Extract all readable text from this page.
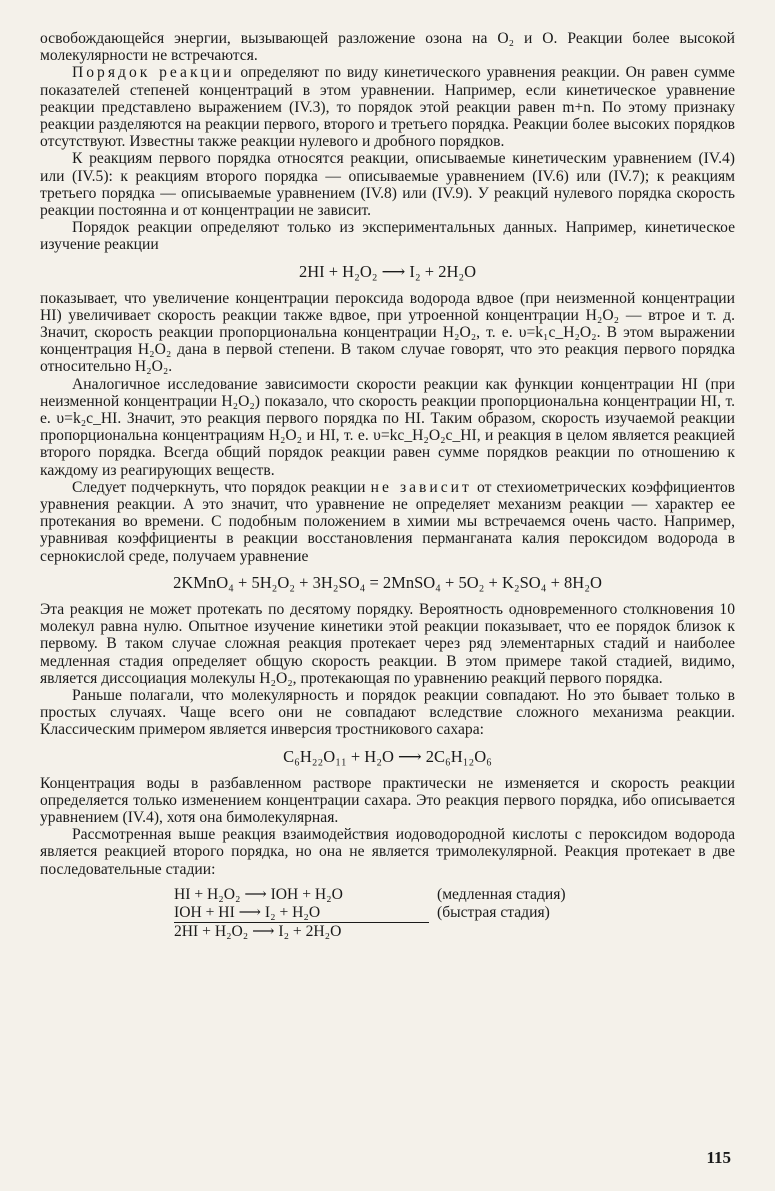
освобождающейся энергии, вызывающей разложение озона на O₂ и O. Реакции более высокой молекулярности не встречаются.

Порядок реакции определяют по виду кинетического уравнения реакции. Он равен сумме показателей степеней концентраций в этом уравнении. Например, если кинетическое уравнение реакции представлено выражением (IV.3), то порядок этой реакции равен m+n. По этому признаку реакции разделяются на реакции первого, второго и третьего порядка. Реакции более высоких порядков отсутствуют. Известны также реакции нулевого и дробного порядков.

К реакциям первого порядка относятся реакции, описываемые кинетическим уравнением (IV.4) или (IV.5): к реакциям второго порядка — описываемые уравнением (IV.6) или (IV.7); к реакциям третьего порядка — описываемые уравнением (IV.8) или (IV.9). У реакций нулевого порядка скорость реакции постоянна и от концентрации не зависит.

Порядок реакции определяют только из экспериментальных данных. Например, кинетическое изучение реакции

2HI + H₂O₂ ⟶ I₂ + 2H₂O

показывает, что увеличение концентрации пероксида водорода вдвое (при неизменной концентрации HI) увеличивает скорость реакции также вдвое, при утроенной концентрации H₂O₂ — втрое и т. д. Значит, скорость реакции пропорциональна концентрации H₂O₂, т. е. υ=k₁c_H₂O₂. В этом выражении концентрация H₂O₂ дана в первой степени. В таком случае говорят, что это реакция первого порядка относительно H₂O₂.

Аналогичное исследование зависимости скорости реакции как функции концентрации HI (при неизменной концентрации H₂O₂) показало, что скорость реакции пропорциональна концентрации HI, т. е. υ=k₂c_HI. Значит, это реакция первого порядка по HI. Таким образом, скорость изучаемой реакции пропорциональна концентрациям H₂O₂ и HI, т. е. υ=kc_H₂O₂c_HI, и реакция в целом является реакцией второго порядка. Всегда общий порядок реакции равен сумме порядков реакции по отношению к каждому из реагирующих веществ.

Следует подчеркнуть, что порядок реакции не зависит от стехиометрических коэффициентов уравнения реакции. А это значит, что уравнение не определяет механизм реакции — характер ее протекания во времени. С подобным положением в химии мы встречаемся очень часто. Например, уравнивая коэффициенты в реакции восстановления перманганата калия пероксидом водорода в сернокислой среде, получаем уравнение

2KMnO₄ + 5H₂O₂ + 3H₂SO₄ = 2MnSO₄ + 5O₂ + K₂SO₄ + 8H₂O

Эта реакция не может протекать по десятому порядку. Вероятность одновременного столкновения 10 молекул равна нулю. Опытное изучение кинетики этой реакции показывает, что ее порядок близок к первому. В таком случае сложная реакция протекает через ряд элементарных стадий и наиболее медленная стадия определяет общую скорость реакции. В этом примере такой стадией, видимо, является диссоциация молекулы H₂O₂, протекающая по уравнению реакций первого порядка.

Раньше полагали, что молекулярность и порядок реакции совпадают. Но это бывает только в простых случаях. Чаще всего они не совпадают вследствие сложного механизма реакции. Классическим примером является инверсия тростникового сахара:

C₆H₂₂O₁₁ + H₂O ⟶ 2C₆H₁₂O₆

Концентрация воды в разбавленном растворе практически не изменяется и скорость реакции определяется только изменением концентрации сахара. Это реакция первого порядка, ибо описывается уравнением (IV.4), хотя она бимолекулярная.

Рассмотренная выше реакция взаимодействия иодоводородной кислоты с пероксидом водорода является реакцией второго порядка, но она не является тримолекулярной. Реакция протекает в две последовательные стадии:

HI + H₂O₂ ⟶ IOH + H₂O	(медленная стадия)
IOH + HI ⟶ I₂ + H₂O	(быстрая стадия)
2HI + H₂O₂ ⟶ I₂ + 2H₂O	
115
